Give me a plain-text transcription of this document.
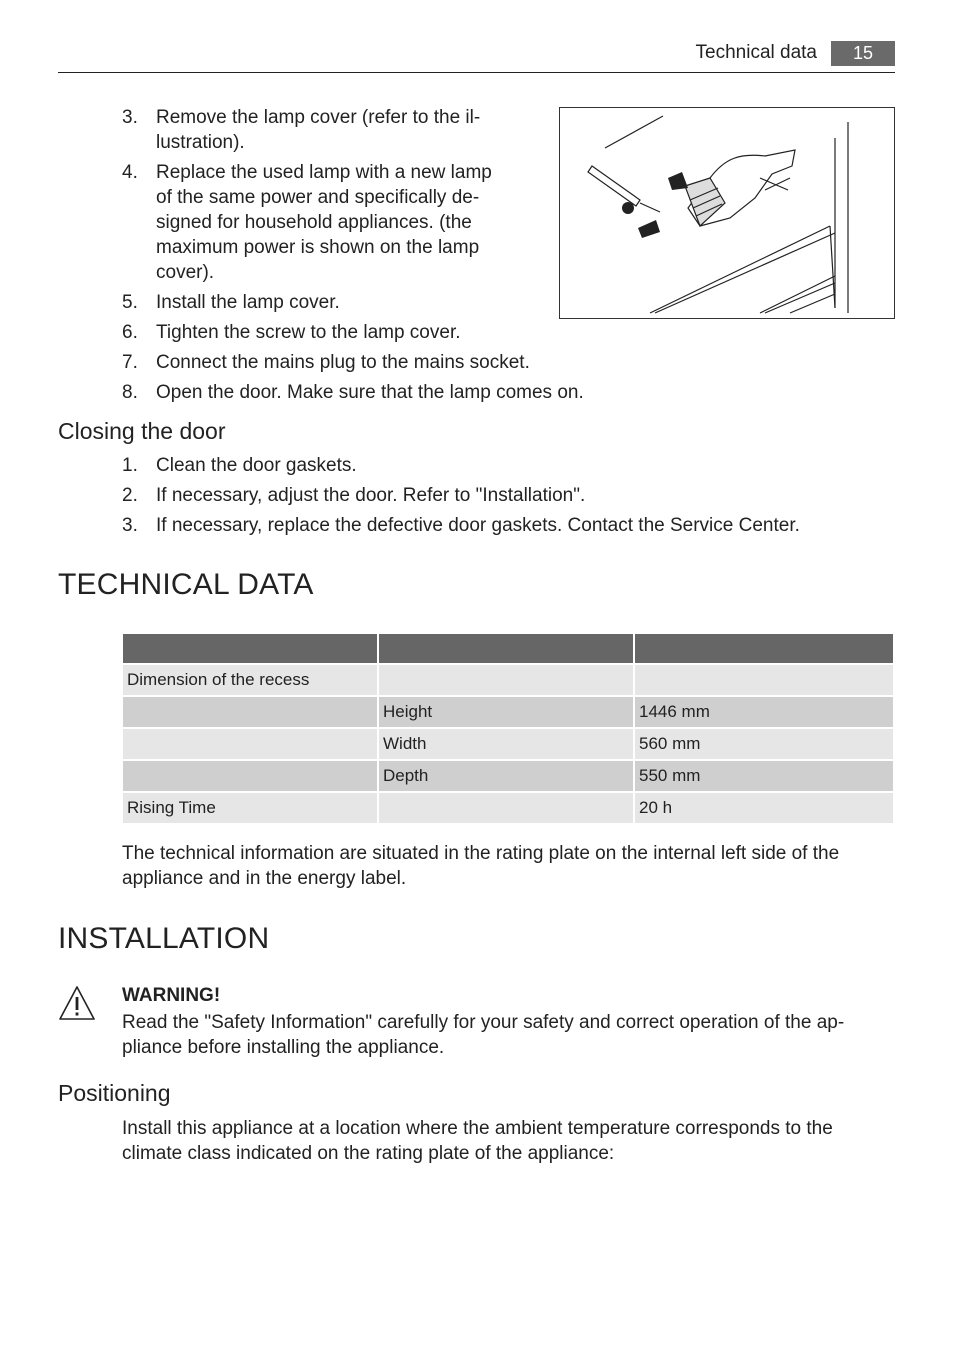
Technical data	15
3. Remove the lamp cover (refer to the il-
lustration).
4. Replace the used lamp with a new lamp
of the same power and specifically de-
signed for household appliances. (the
maximum power is shown on the lamp
cover).
5. Install the lamp cover.
6. Tighten the screw to the lamp cover.
7. Connect the mains plug to the mains socket.
8. Open the door. Make sure that the lamp comes on.
Closing the door
1. Clean the door gaskets.
2. If necessary, adjust the door. Refer to "Installation".
3. If necessary, replace the defective door gaskets. Contact the Service Center.
TECHNICAL DATA

Dimension of the recess		
	Height	1446 mm
	Width	560 mm
	Depth	550 mm
Rising Time		20 h
The technical information are situated in the rating plate on the internal left side of the
appliance and in the energy label.
INSTALLATION
WARNING!
Read the "Safety Information" carefully for your safety and correct operation of the ap-
pliance before installing the appliance.
Positioning
Install this appliance at a location where the ambient temperature corresponds to the
climate class indicated on the rating plate of the appliance:
